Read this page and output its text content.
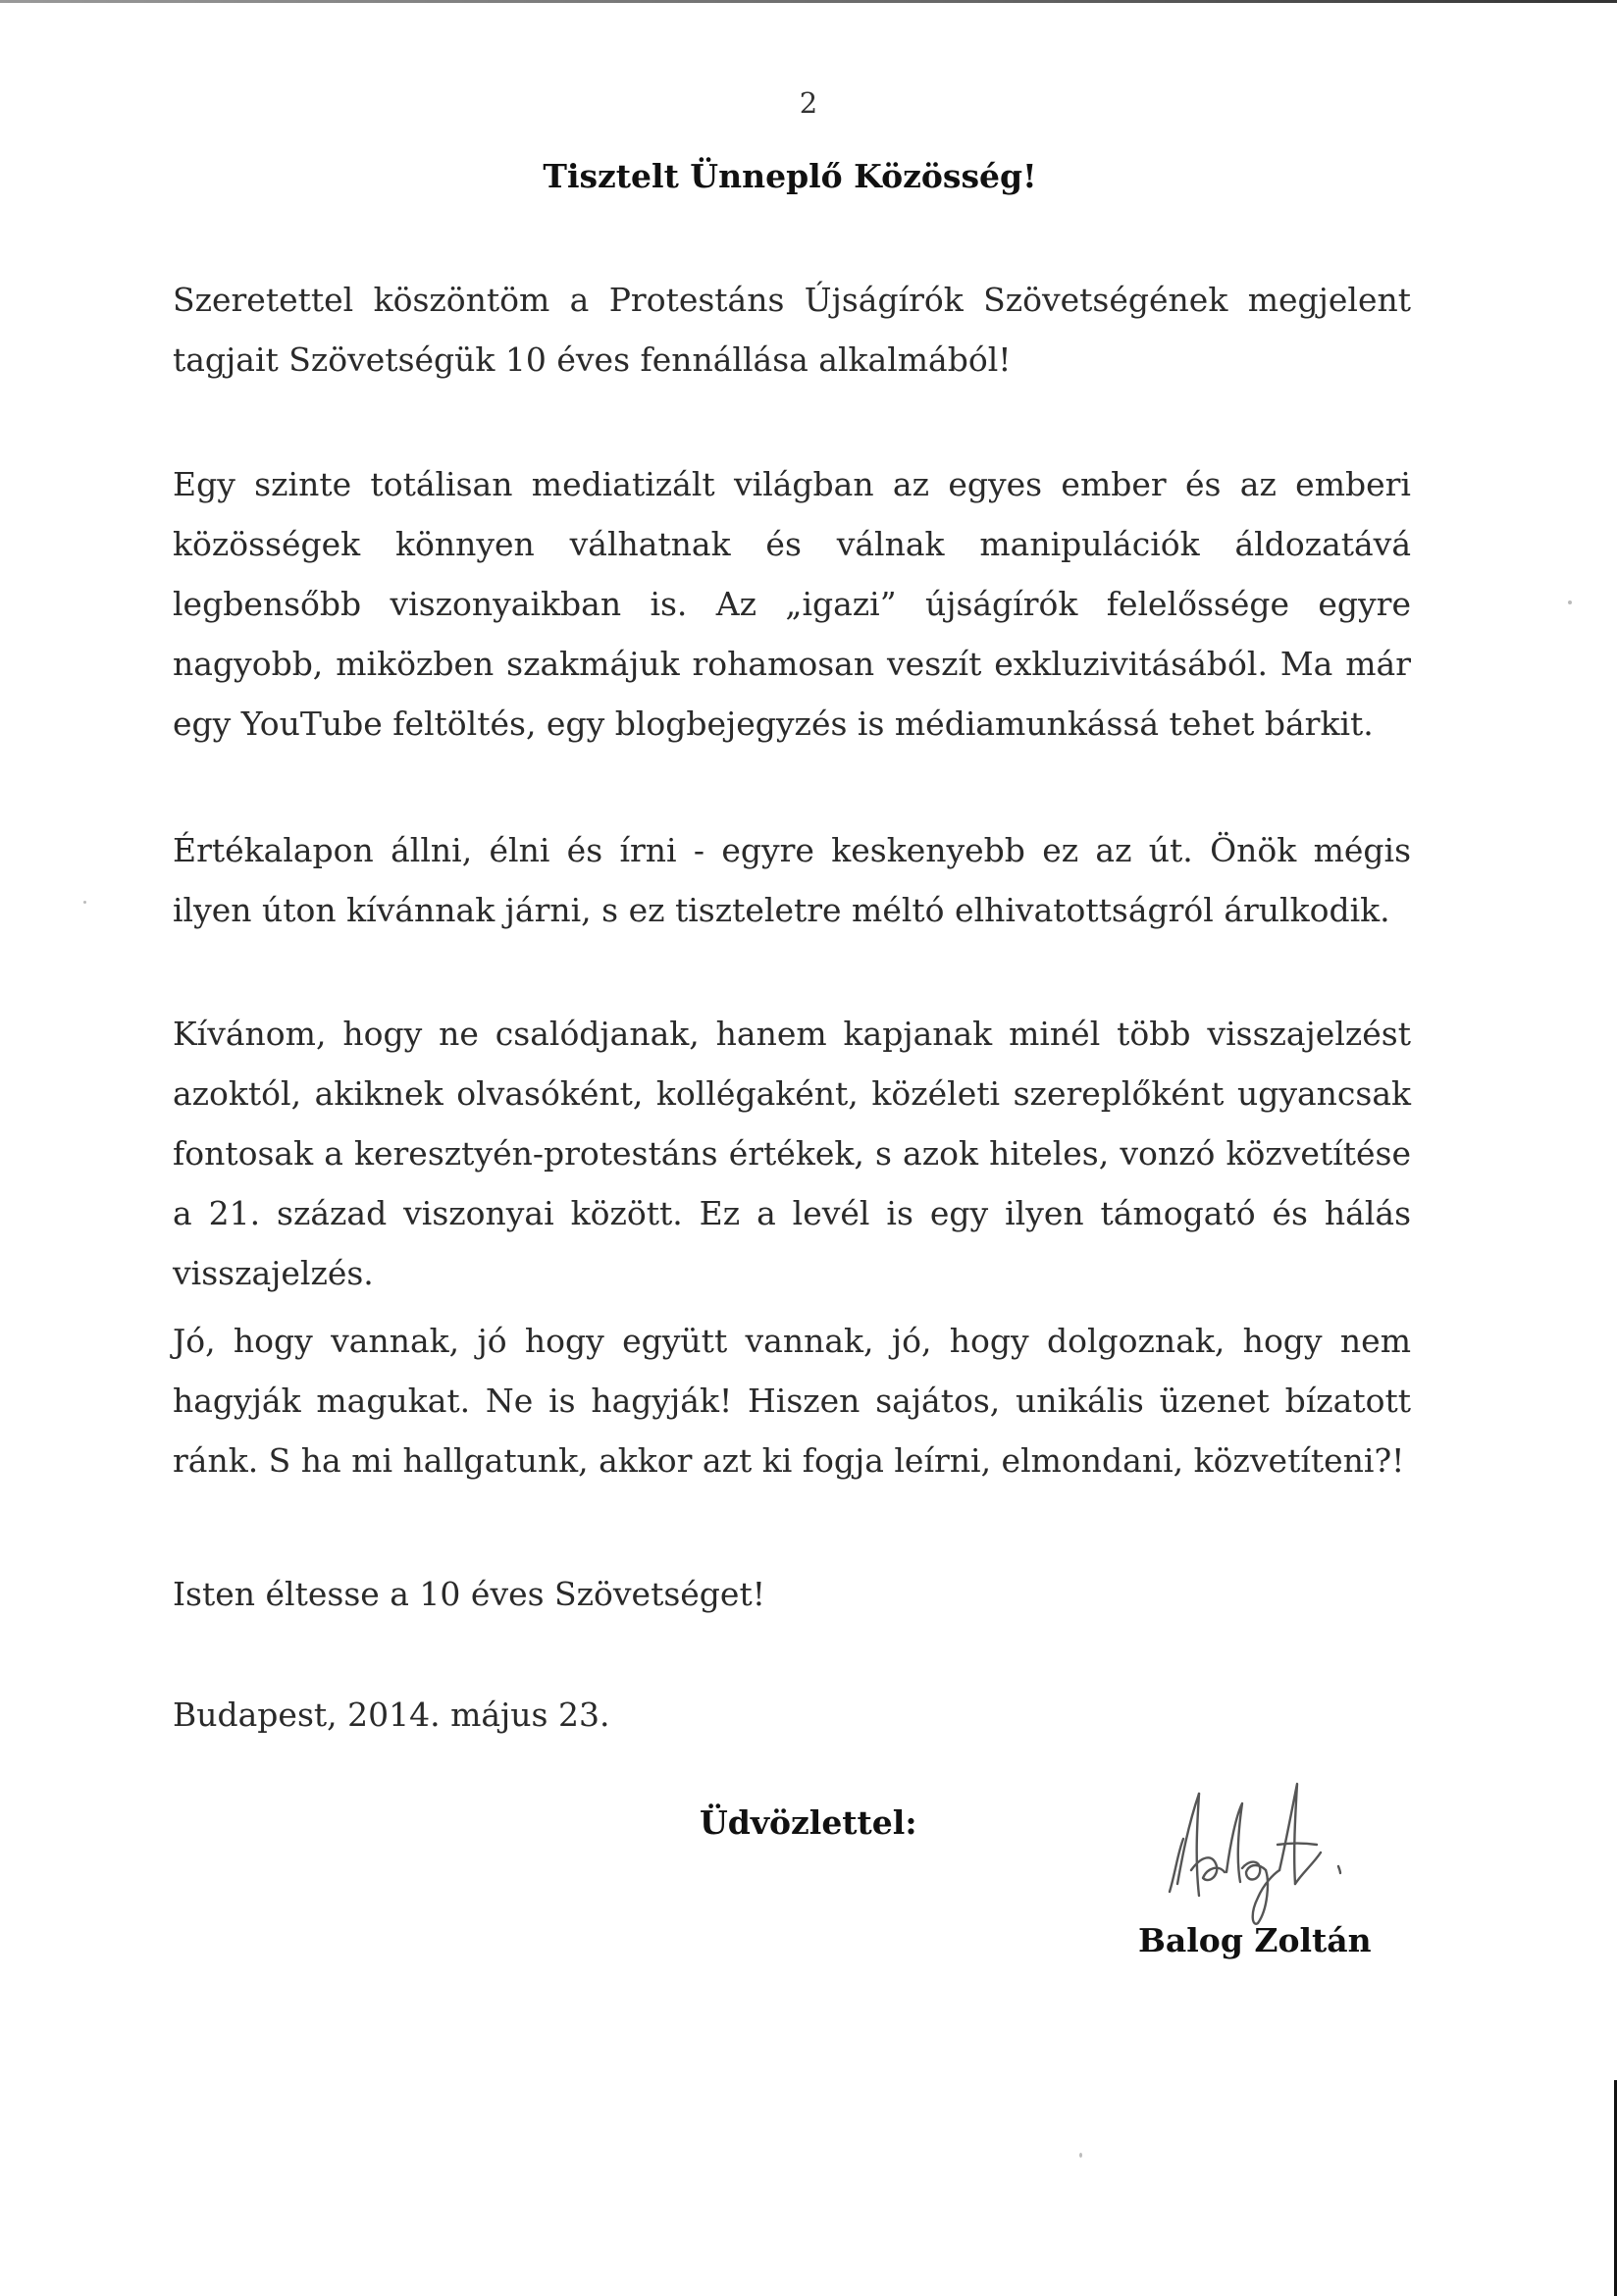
2
Tisztelt Ünneplő Közösség!

Szeretettel köszöntöm a Protestáns Újságírók Szövetségének megjelent tagjait Szövetségük 10 éves fennállása alkalmából!

Egy szinte totálisan mediatizált világban az egyes ember és az emberi közösségek könnyen válhatnak és válnak manipulációk áldozatává legbensőbb viszonyaikban is. Az „igazi” újságírók felelőssége egyre nagyobb, miközben szakmájuk rohamosan veszít exkluzivitásából. Ma már egy YouTube feltöltés, egy blogbejegyzés is médiamunkássá tehet bárkit.

Értékalapon állni, élni és írni - egyre keskenyebb ez az út. Önök mégis ilyen úton kívánnak járni, s ez tiszteletre méltó elhivatottságról árulkodik.

Kívánom, hogy ne csalódjanak, hanem kapjanak minél több visszajelzést azoktól, akiknek olvasóként, kollégaként, közéleti szereplőként ugyancsak fontosak a keresztyén-protestáns értékek, s azok hiteles, vonzó közvetítése a 21. század viszonyai között. Ez a levél is egy ilyen támogató és hálás visszajelzés.

Jó, hogy vannak, jó hogy együtt vannak, jó, hogy dolgoznak, hogy nem hagyják magukat. Ne is hagyják! Hiszen sajátos, unikális üzenet bízatott ránk. S ha mi hallgatunk, akkor azt ki fogja leírni, elmondani, közvetíteni?!

Isten éltesse a 10 éves Szövetséget!

Budapest, 2014. május 23.

Üdvözlettel:
Balog Zoltán
